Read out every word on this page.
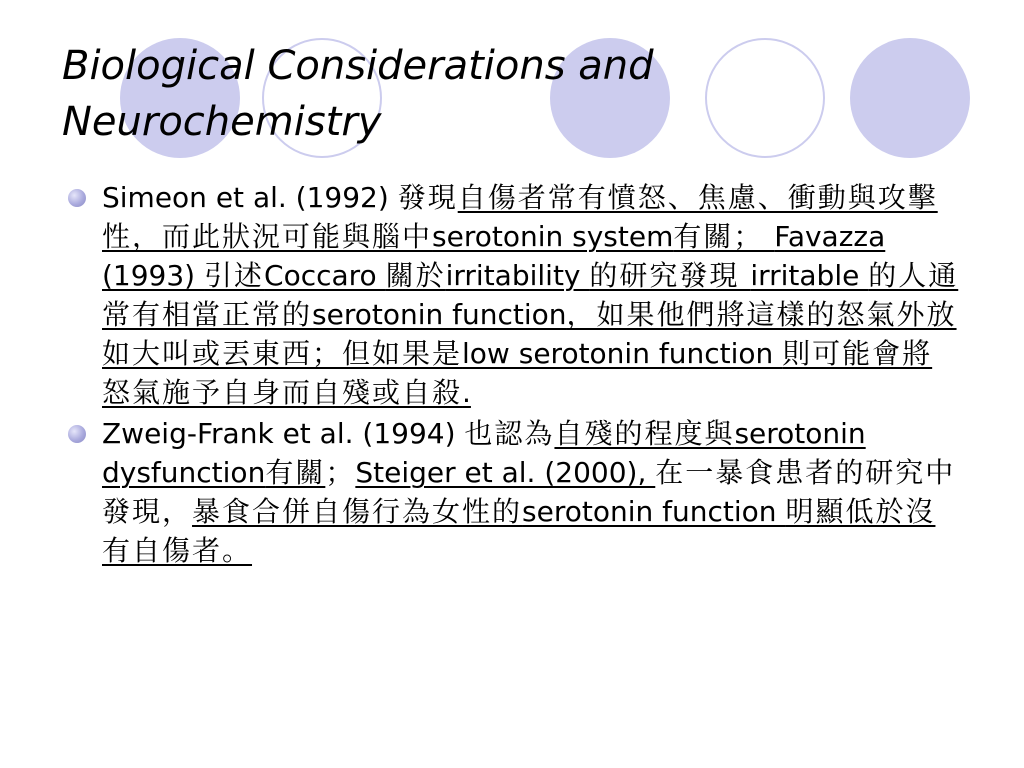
Biological Considerations and
Neurochemistry
Simeon et al. (1992) 發現自傷者常有憤怒、焦慮、衝動與攻擊性，而此狀況可能與腦中serotonin system有關； Favazza (1993) 引述Coccaro 關於irritability 的研究發現 irritable 的人通常有相當正常的serotonin function，如果他們將這樣的怒氣外放如大叫或丟東西；但如果是low serotonin function 則可能會將怒氣施予自身而自殘或自殺.
Zweig-Frank et al. (1994) 也認為自殘的程度與serotonin dysfunction有關；Steiger et al. (2000), 在一暴食患者的研究中發現，暴食合併自傷行為女性的serotonin function 明顯低於沒有自傷者。
